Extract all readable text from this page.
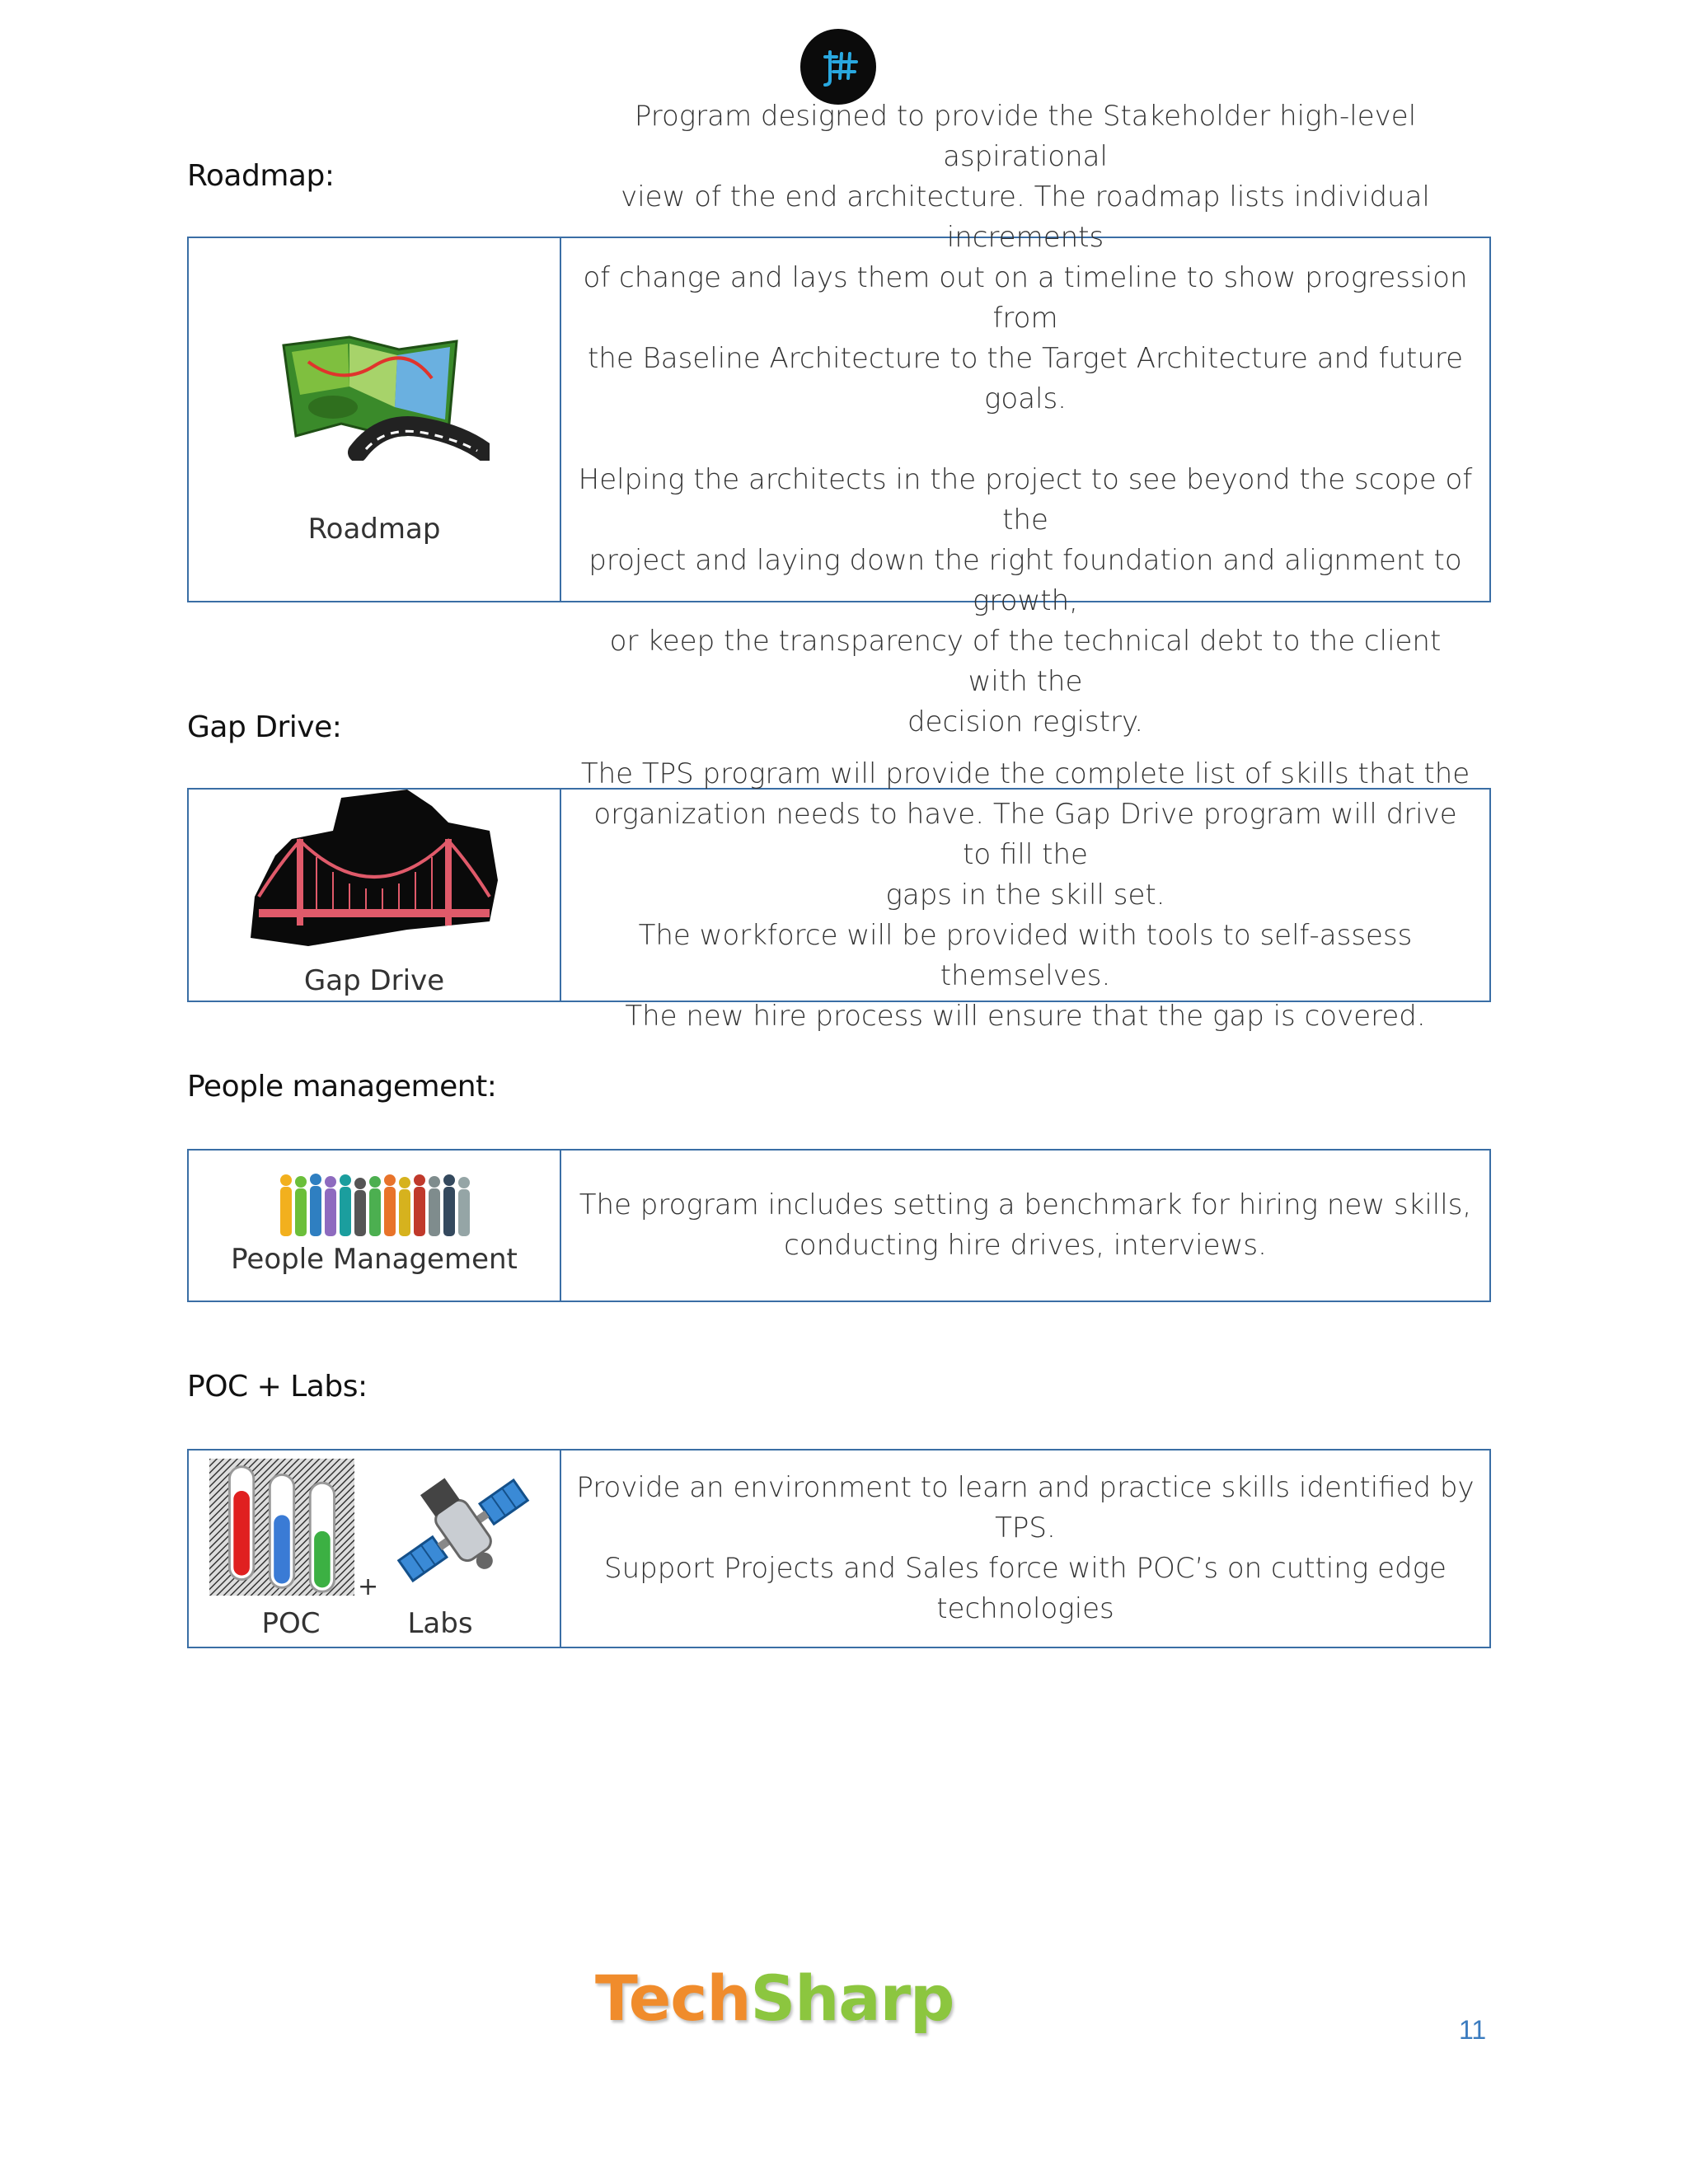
Roadmap:
Roadmap
Program designed to provide the Stakeholder high-level aspirational
view of the end architecture. The roadmap lists individual increments
of change and lays them out on a timeline to show progression from
the Baseline Architecture to the Target Architecture and future goals.

Helping the architects in the project to see beyond the scope of the
project and laying down the right foundation and alignment to growth,
or keep the transparency of the technical debt to the client with the
decision registry.
Gap Drive:
Gap Drive
The TPS program will provide the complete list of skills that the
organization needs to have. The Gap Drive program will drive to fill the
gaps in the skill set.
The workforce will be provided with tools to self-assess themselves.
The new hire process will ensure that the gap is covered.
People management:
People Management
The program includes setting a benchmark for hiring new skills,
conducting hire drives, interviews.
POC + Labs:
+
POC	Labs
Provide an environment to learn and practice skills identified by TPS.
Support Projects and Sales force with POC’s on cutting edge
technologies
TechSharp	11
